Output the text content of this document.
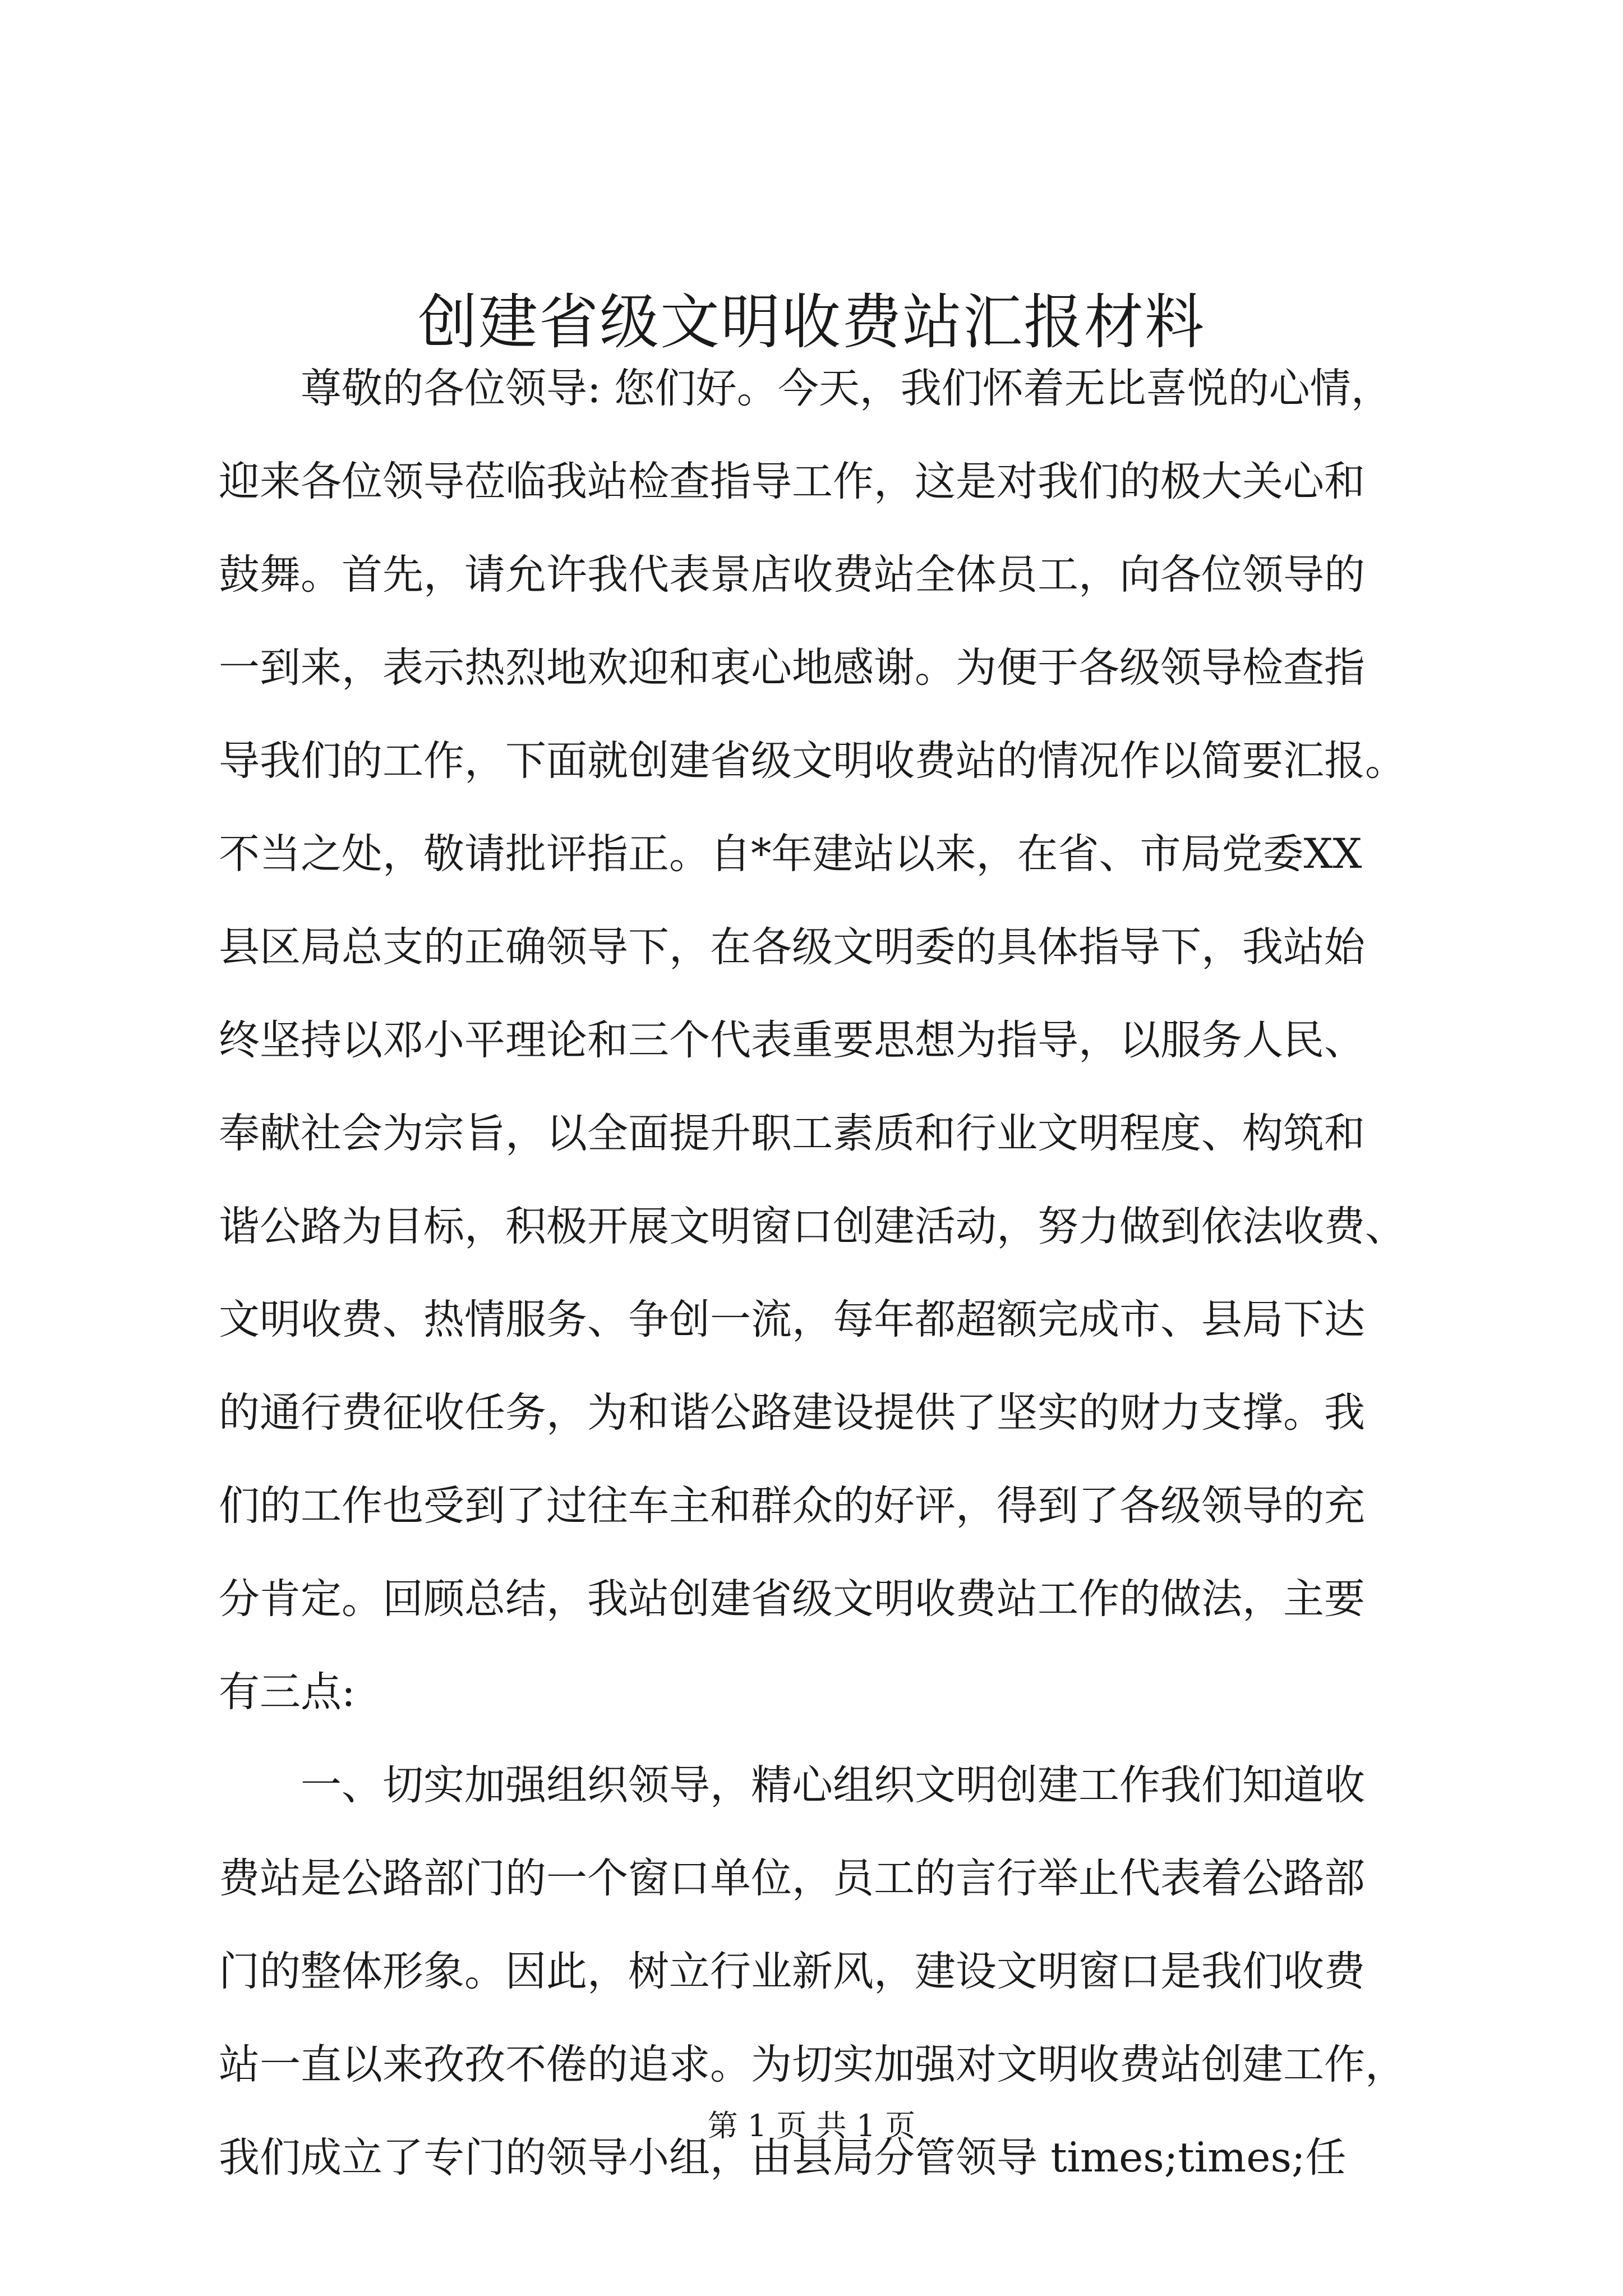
创建省级文明收费站汇报材料
　　尊敬的各位领导: 您们好。今天，我们怀着无比喜悦的心情，
迎来各位领导莅临我站检查指导工作，这是对我们的极大关心和
鼓舞。首先，请允许我代表景店收费站全体员工，向各位领导的
一到来，表示热烈地欢迎和衷心地感谢。为便于各级领导检查指
导我们的工作，下面就创建省级文明收费站的情况作以简要汇报。
不当之处，敬请批评指正。自*年建站以来，在省、市局党委XX
县区局总支的正确领导下，在各级文明委的具体指导下，我站始
终坚持以邓小平理论和三个代表重要思想为指导，以服务人民、
奉献社会为宗旨，以全面提升职工素质和行业文明程度、构筑和
谐公路为目标，积极开展文明窗口创建活动，努力做到依法收费、
文明收费、热情服务、争创一流，每年都超额完成市、县局下达
的通行费征收任务，为和谐公路建设提供了坚实的财力支撑。我
们的工作也受到了过往车主和群众的好评，得到了各级领导的充
分肯定。回顾总结，我站创建省级文明收费站工作的做法，主要
有三点:
　　一、切实加强组织领导，精心组织文明创建工作我们知道收
费站是公路部门的一个窗口单位，员工的言行举止代表着公路部
门的整体形象。因此，树立行业新风，建设文明窗口是我们收费
站一直以来孜孜不倦的追求。为切实加强对文明收费站创建工作，
我们成立了专门的领导小组，由县局分管领导 times;times;任
第 1 页 共 1 页
